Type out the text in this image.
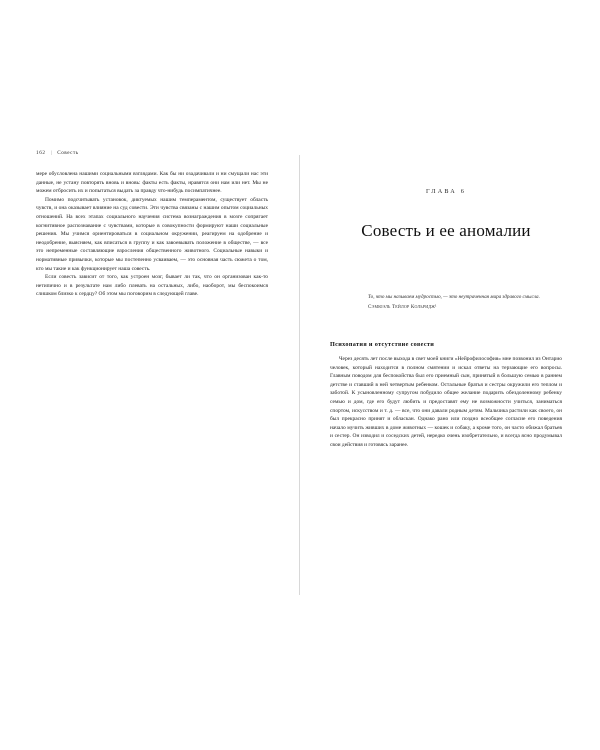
162 | Совесть

мере обусловлена нашими социальными взглядами. Как бы ни озадачивали и ни смущали нас эти данные, не устану повторять вновь и вновь: факты есть факты, нравятся они нам или нет. Мы не можем отбросить их и попытаться выдать за правду что-нибудь посимпатичнее.

Помимо подсчитывать установок, диктуемых нашим темпераментом, существует область чувств, и она оказывает влияние на суд совести. Эти чувства связаны с нашим опытом социальных отношений. На всех этапах социального научения система вознаграждения в мозге сопрягает когнитивное распознавание с чувствами, которые в совокупности формируют наши социальные решения. Мы учимся ориентироваться в социальном окружении, реагируем на одобрение и неодобрение, выясняем, как вписаться в группу и как завоевывать положение в обществе, — все это непременные составляющие взросления общественного животного. Социальные навыки и нормативные привычки, которые мы постепенно усваиваем, — это основная часть сюжета о том, кто мы такие и как функционирует наша совесть.

Если совесть зависит от того, как устроен мозг, бывает ли так, что он организован как-то нетипично и в результате нам либо плевать на остальных, либо, наоборот, мы беспокоимся слишком близко к сердцу? Об этом мы поговорим в следующей главе.

ГЛАВА 6
Совесть и ее аномалии

То, что мы называем мудростью, — это неутраченная мира здравого смысла.

Сэмюэль Тейлор Кольридж¹

Психопатия и отсутствие совести

Через десять лет после выхода в свет моей книги «Нейрофилософия» мне позвонил из Онтарио человек, который находится в полном смятении и искал ответы на терзающие его вопросы. Главным поводом для беспокойства был его приемный сын, принятый в большую семью в раннем детстве и ставший в ней четвертым ребенком. Остальные братья и сестры окружили его теплом и заботой. К усыновленному супругом побудило общее желание подарить обездоленному ребенку семью и дом, где его будут любить и предоставят ему не возможности учиться, заниматься спортом, искусством и т. д. — все, что они давали родным детям. Мальчика растили как своего, он был прекрасно принят и обласкан. Однако рано или поздно всеобщее согласие его поведения начало мучить живших в доме животных — кошек и собаку, а кроме того, он часто обижал братьев и сестер. Он изводил и соседских детей, нередко очень изобретательно, и всегда ясно продумывал свои действия и готовясь заранее.
